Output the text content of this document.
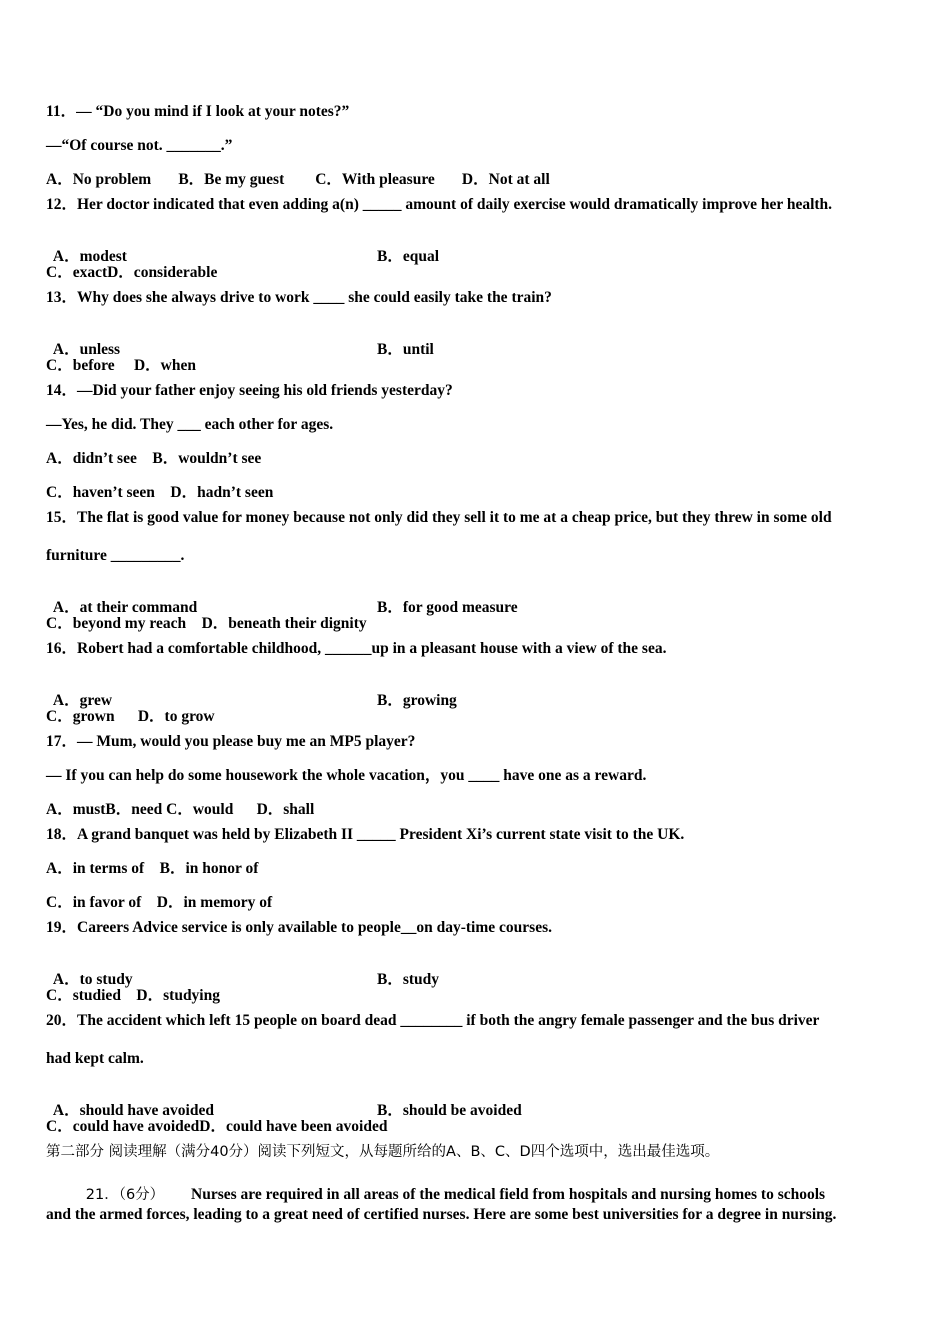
11．— “Do you mind if I look at your notes?”
—“Of course not. _______.”
A．No problem       B．Be my guest        C．With pleasure       D．Not at all
12．Her doctor indicated that even adding a(n) _____ amount of daily exercise would dramatically improve her health.

A．modest	B．equal

C．exactD．considerable
13．Why does she always drive to work ____ she could easily take the train?

A．unless	B．until

C．before     D．when
14．—Did your father enjoy seeing his old friends yesterday?
—Yes, he did. They ___ each other for ages.
A．didn’t see    B．wouldn’t see
C．haven’t seen    D．hadn’t seen
15．The flat is good value for money because not only did they sell it to me at a cheap price, but they threw in some old
furniture _________.

A．at their command	B．for good measure

C．beyond my reach    D．beneath their dignity
16．Robert had a comfortable childhood, ______up in a pleasant house with a view of the sea.

A．grew	B．growing

C．grown      D．to grow
17．— Mum, would you please buy me an MP5 player?
— If you can help do some housework the whole vacation，you ____ have one as a reward.
A．mustB．need C．would      D．shall
18．A grand banquet was held by Elizabeth II _____ President Xi’s current state visit to the UK.
A．in terms of    B．in honor of
C．in favor of    D．in memory of
19．Careers Advice service is only available to people__on day-time courses.

A．to study	B．study

C．studied    D．studying
20．The accident which left 15 people on board dead ________ if both the angry female passenger and the bus driver
had kept calm.

A．should have avoided	B．should be avoided

C．could have avoidedD．could have been avoided
第二部分 阅读理解（满分40分）阅读下列短文，从每题所给的A、B、C、D四个选项中，选出最佳选项。

21．（6分） Nurses are required in all areas of the medical field from hospitals and nursing homes to schools

and the armed forces, leading to a great need of certified nurses. Here are some best universities for a degree in nursing.
